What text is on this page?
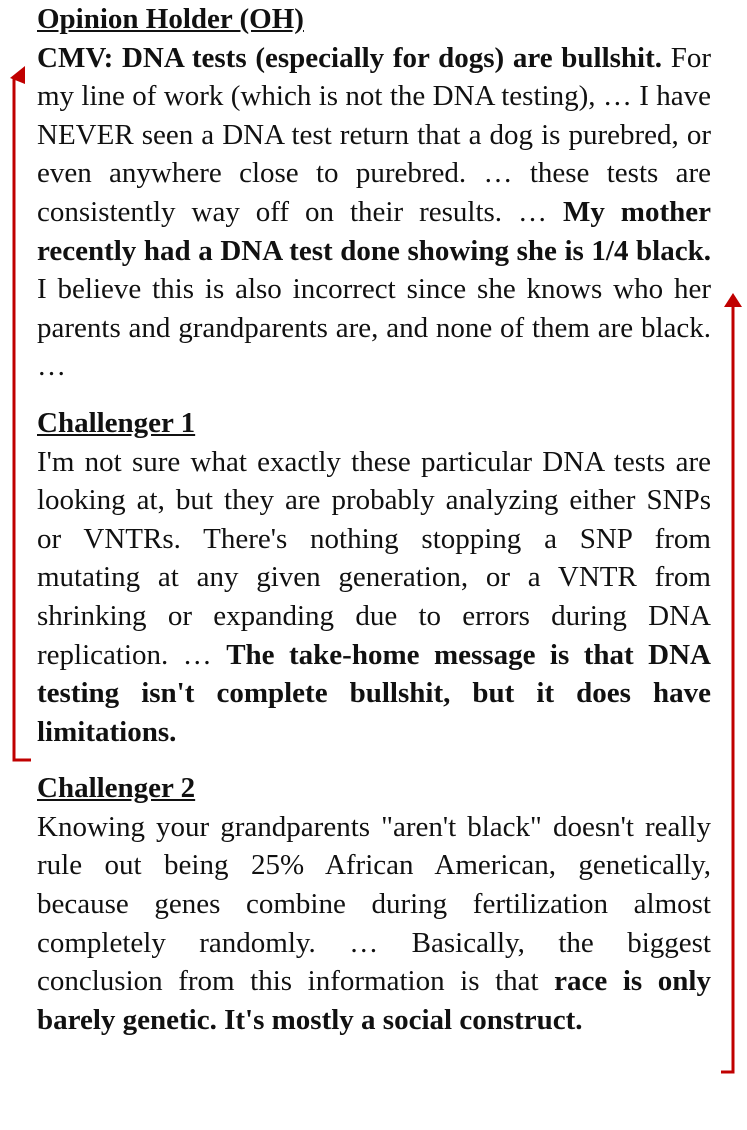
Opinion Holder (OH)
CMV: DNA tests (especially for dogs) are bullshit. For my line of work (which is not the DNA testing), … I have NEVER seen a DNA test return that a dog is purebred, or even anywhere close to purebred. … these tests are consistently way off on their results. … My mother recently had a DNA test done showing she is 1/4 black. I believe this is also incorrect since she knows who her parents and grandparents are, and none of them are black. …
Challenger 1
I'm not sure what exactly these particular DNA tests are looking at, but they are probably analyzing either SNPs or VNTRs. There's nothing stopping a SNP from mutating at any given generation, or a VNTR from shrinking or expanding due to errors during DNA replication. … The take-home message is that DNA testing isn't complete bullshit, but it does have limitations.
Challenger 2
Knowing your grandparents "aren't black" doesn't really rule out being 25% African American, genetically, because genes combine during fertilization almost completely randomly. … Basically, the biggest conclusion from this information is that race is only barely genetic. It's mostly a social construct.
